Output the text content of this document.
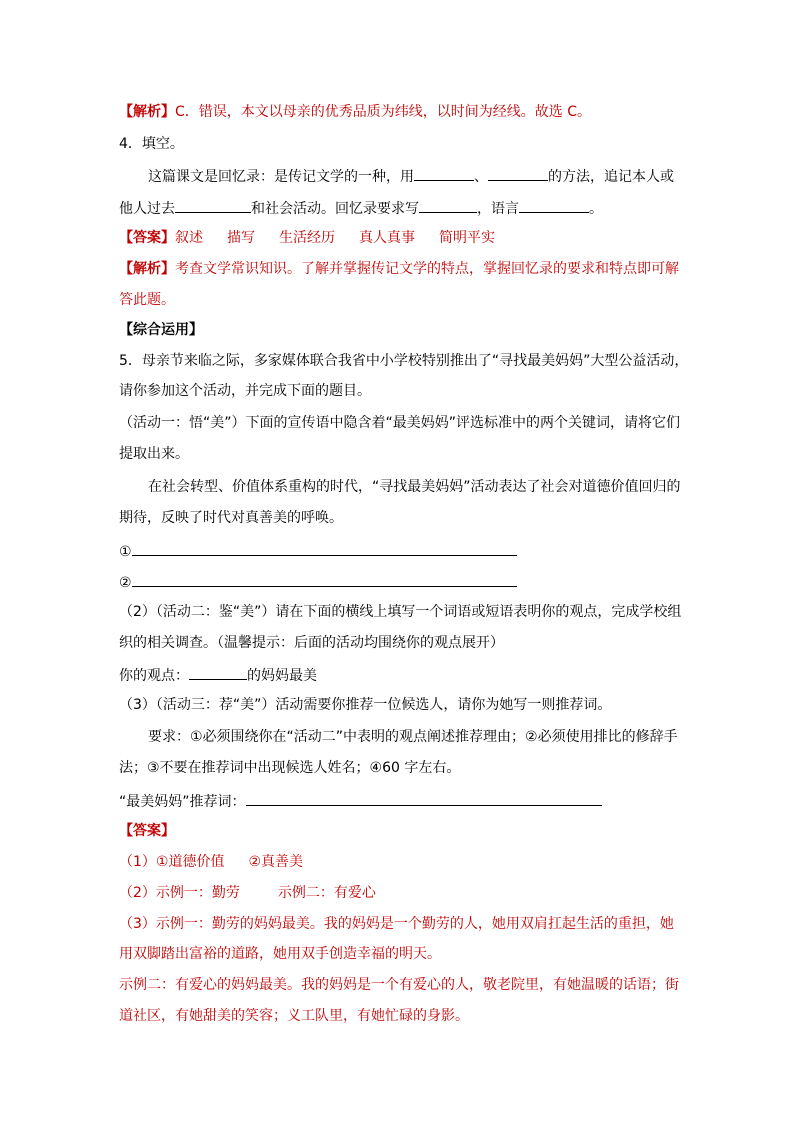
【解析】C．错误，本文以母亲的优秀品质为纬线，以时间为经线。故选 C。
4．填空。
这篇课文是回忆录：是传记文学的一种，用	、	的方法，追记本人或
他人过去	和社会活动。回忆录要求写	，语言	。
【答案】叙述 描写 生活经历 真人真事 简明平实
【解析】考查文学常识知识。了解并掌握传记文学的特点，掌握回忆录的要求和特点即可解
答此题。
【综合运用】
5．母亲节来临之际，多家媒体联合我省中小学校特别推出了“寻找最美妈妈”大型公益活动，
请你参加这个活动，并完成下面的题目。
（活动一：悟“美”）下面的宣传语中隐含着“最美妈妈”评选标准中的两个关键词，请将它们
提取出来。
在社会转型、价值体系重构的时代，“寻找最美妈妈”活动表达了社会对道德价值回归的
期待，反映了时代对真善美的呼唤。
①
②
（2）（活动二：鉴“美”）请在下面的横线上填写一个词语或短语表明你的观点，完成学校组
织的相关调查。（温馨提示：后面的活动均围绕你的观点展开）
你的观点：	的妈妈最美
（3）（活动三：荐“美”）活动需要你推荐一位候选人，请你为她写一则推荐词。
要求：①必须围绕你在“活动二”中表明的观点阐述推荐理由；②必须使用排比的修辞手
法；③不要在推荐词中出现候选人姓名；④60 字左右。
“最美妈妈”推荐词：
【答案】
（1）①道德价值 ②真善美
（2）示例一：勤劳	示例二：有爱心
（3）示例一：勤劳的妈妈最美。我的妈妈是一个勤劳的人，她用双肩扛起生活的重担，她
用双脚踏出富裕的道路，她用双手创造幸福的明天。
示例二：有爱心的妈妈最美。我的妈妈是一个有爱心的人，敬老院里，有她温暖的话语；街
道社区，有她甜美的笑容；义工队里，有她忙碌的身影。
